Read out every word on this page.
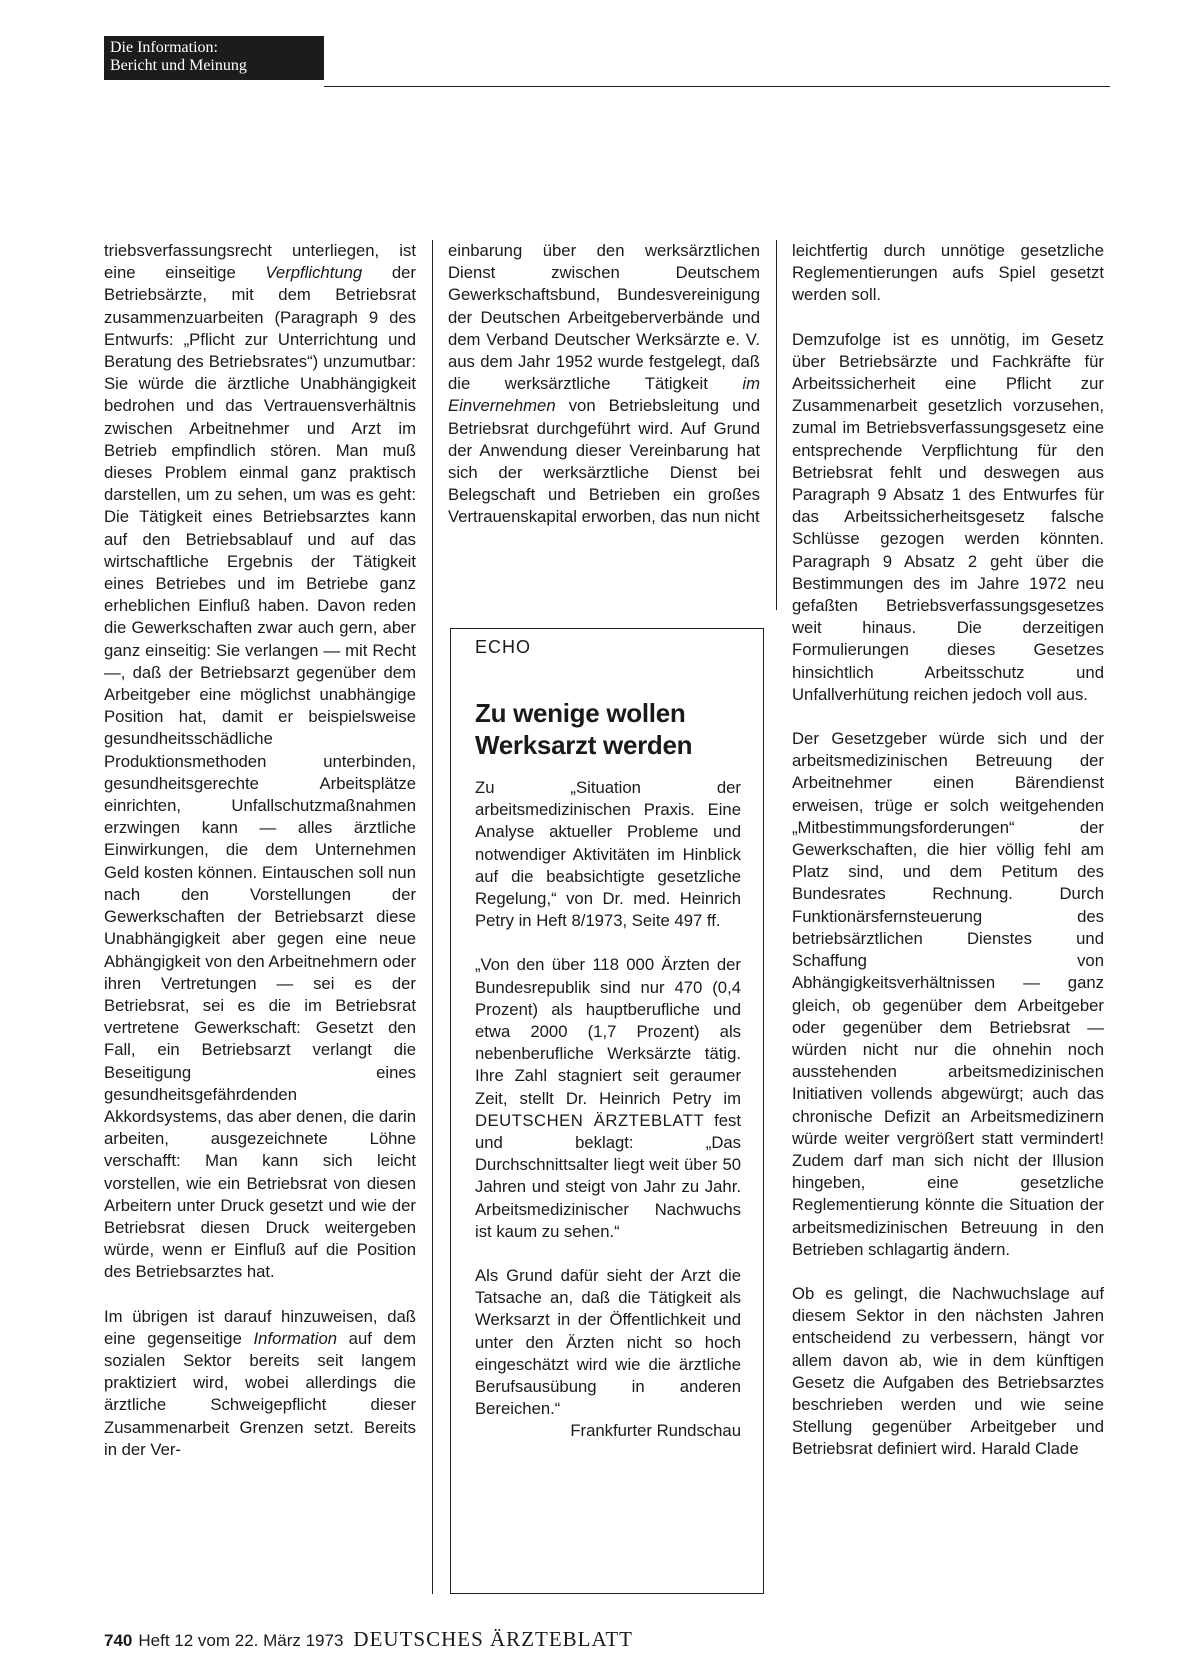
Die Information:
Bericht und Meinung

triebsverfassungsrecht unterliegen, ist eine einseitige Verpflichtung der Betriebsärzte, mit dem Betriebsrat zusammenzuarbeiten (Paragraph 9 des Entwurfs: „Pflicht zur Unterrichtung und Beratung des Betriebsrates“) unzumutbar: Sie würde die ärztliche Unabhängigkeit bedrohen und das Vertrauensverhältnis zwischen Arbeitnehmer und Arzt im Betrieb empfindlich stören. Man muß dieses Problem einmal ganz praktisch darstellen, um zu sehen, um was es geht: Die Tätigkeit eines Betriebsarztes kann auf den Betriebsablauf und auf das wirtschaftliche Ergebnis der Tätigkeit eines Betriebes und im Betriebe ganz erheblichen Einfluß haben. Davon reden die Gewerkschaften zwar auch gern, aber ganz einseitig: Sie verlangen — mit Recht —, daß der Betriebsarzt gegenüber dem Arbeitgeber eine möglichst unabhängige Position hat, damit er beispielsweise gesundheitsschädliche Produktionsmethoden unterbinden, gesundheitsgerechte Arbeitsplätze einrichten, Unfallschutzmaßnahmen erzwingen kann — alles ärztliche Einwirkungen, die dem Unternehmen Geld kosten können. Eintauschen soll nun nach den Vorstellungen der Gewerkschaften der Betriebsarzt diese Unabhängigkeit aber gegen eine neue Abhängigkeit von den Arbeitnehmern oder ihren Vertretungen — sei es der Betriebsrat, sei es die im Betriebsrat vertretene Gewerkschaft: Gesetzt den Fall, ein Betriebsarzt verlangt die Beseitigung eines gesundheitsgefährdenden Akkordsystems, das aber denen, die darin arbeiten, ausgezeichnete Löhne verschafft: Man kann sich leicht vorstellen, wie ein Betriebsrat von diesen Arbeitern unter Druck gesetzt und wie der Betriebsrat diesen Druck weitergeben würde, wenn er Einfluß auf die Position des Betriebsarztes hat.

Im übrigen ist darauf hinzuweisen, daß eine gegenseitige Information auf dem sozialen Sektor bereits seit langem praktiziert wird, wobei allerdings die ärztliche Schweigepflicht dieser Zusammenarbeit Grenzen setzt. Bereits in der Ver-

einbarung über den werksärztlichen Dienst zwischen Deutschem Gewerkschaftsbund, Bundesvereinigung der Deutschen Arbeitgeberverbände und dem Verband Deutscher Werksärzte e. V. aus dem Jahr 1952 wurde festgelegt, daß die werksärztliche Tätigkeit im Einvernehmen von Betriebsleitung und Betriebsrat durchgeführt wird. Auf Grund der Anwendung dieser Vereinbarung hat sich der werksärztliche Dienst bei Belegschaft und Betrieben ein großes Vertrauenskapital erworben, das nun nicht

ECHO
Zu wenige wollen
Werksarzt werden

Zu „Situation der arbeitsmedizinischen Praxis. Eine Analyse aktueller Probleme und notwendiger Aktivitäten im Hinblick auf die beabsichtigte gesetzliche Regelung,“ von Dr. med. Heinrich Petry in Heft 8/1973, Seite 497 ff.

„Von den über 118 000 Ärzten der Bundesrepublik sind nur 470 (0,4 Prozent) als hauptberufliche und etwa 2000 (1,7 Prozent) als nebenberufliche Werksärzte tätig. Ihre Zahl stagniert seit geraumer Zeit, stellt Dr. Heinrich Petry im DEUTSCHEN ÄRZTEBLATT fest und beklagt: „Das Durchschnittsalter liegt weit über 50 Jahren und steigt von Jahr zu Jahr. Arbeitsmedizinischer Nachwuchs ist kaum zu sehen.“

Als Grund dafür sieht der Arzt die Tatsache an, daß die Tätigkeit als Werksarzt in der Öffentlichkeit und unter den Ärzten nicht so hoch eingeschätzt wird wie die ärztliche Berufsausübung in anderen Bereichen.“

Frankfurter Rundschau

leichtfertig durch unnötige gesetzliche Reglementierungen aufs Spiel gesetzt werden soll.

Demzufolge ist es unnötig, im Gesetz über Betriebsärzte und Fachkräfte für Arbeitssicherheit eine Pflicht zur Zusammenarbeit gesetzlich vorzusehen, zumal im Betriebsverfassungsgesetz eine entsprechende Verpflichtung für den Betriebsrat fehlt und deswegen aus Paragraph 9 Absatz 1 des Entwurfes für das Arbeitssicherheitsgesetz falsche Schlüsse gezogen werden könnten. Paragraph 9 Absatz 2 geht über die Bestimmungen des im Jahre 1972 neu gefaßten Betriebsverfassungsgesetzes weit hinaus. Die derzeitigen Formulierungen dieses Gesetzes hinsichtlich Arbeitsschutz und Unfallverhütung reichen jedoch voll aus.

Der Gesetzgeber würde sich und der arbeitsmedizinischen Betreuung der Arbeitnehmer einen Bärendienst erweisen, trüge er solch weitgehenden „Mitbestimmungsforderungen“ der Gewerkschaften, die hier völlig fehl am Platz sind, und dem Petitum des Bundesrates Rechnung. Durch Funktionärsfernsteuerung des betriebsärztlichen Dienstes und Schaffung von Abhängigkeitsverhältnissen — ganz gleich, ob gegenüber dem Arbeitgeber oder gegenüber dem Betriebsrat — würden nicht nur die ohnehin noch ausstehenden arbeitsmedizinischen Initiativen vollends abgewürgt; auch das chronische Defizit an Arbeitsmedizinern würde weiter vergrößert statt vermindert! Zudem darf man sich nicht der Illusion hingeben, eine gesetzliche Reglementierung könnte die Situation der arbeitsmedizinischen Betreuung in den Betrieben schlagartig ändern.

Ob es gelingt, die Nachwuchslage auf diesem Sektor in den nächsten Jahren entscheidend zu verbessern, hängt vor allem davon ab, wie in dem künftigen Gesetz die Aufgaben des Betriebsarztes beschrieben werden und wie seine Stellung gegenüber Arbeitgeber und Betriebsrat definiert wird. Harald Clade

740 Heft 12 vom 22. März 1973 DEUTSCHES ÄRZTEBLATT
